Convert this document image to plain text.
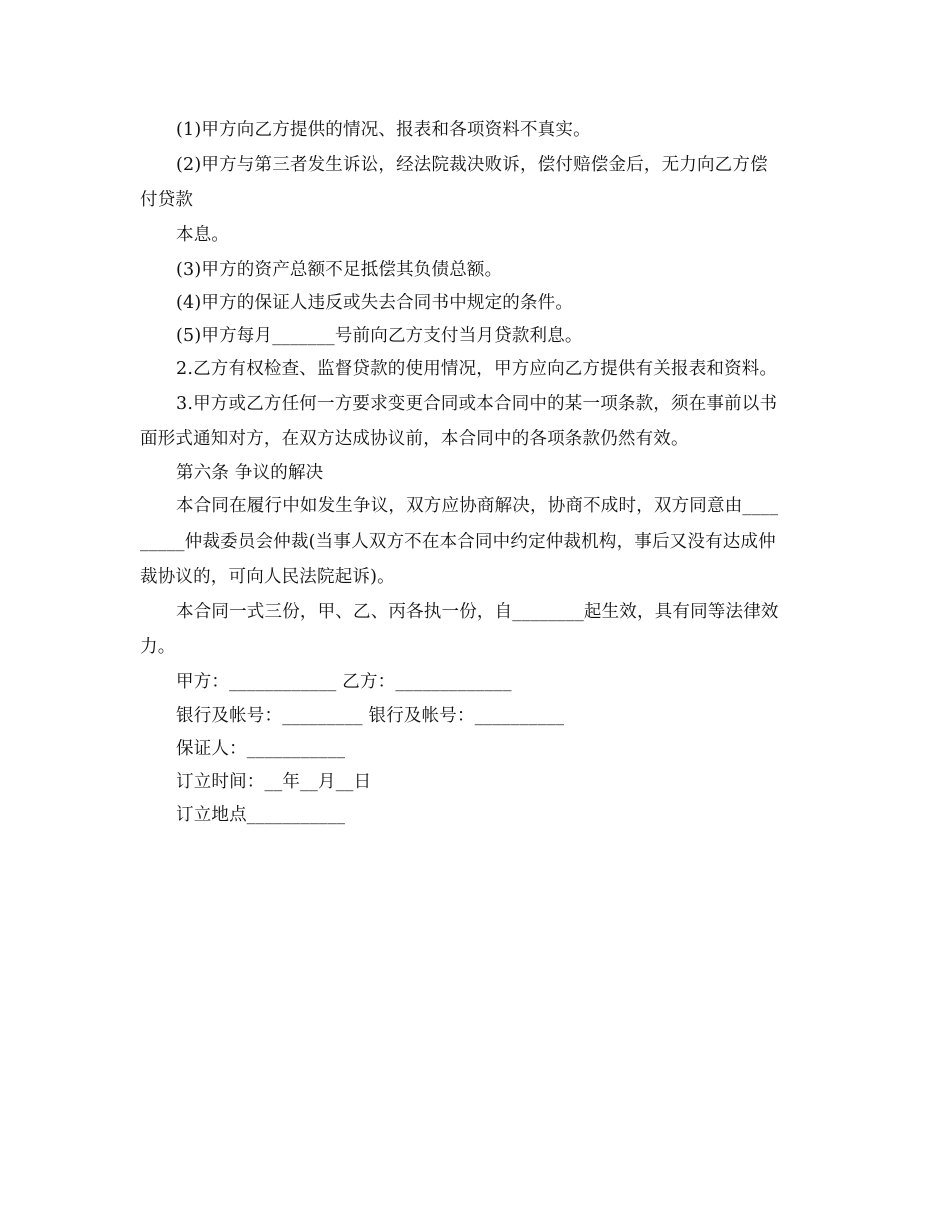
(1)甲方向乙方提供的情况、报表和各项资料不真实。
(2)甲方与第三者发生诉讼，经法院裁决败诉，偿付赔偿金后，无力向乙方偿
付贷款
本息。
(3)甲方的资产总额不足抵偿其负债总额。
(4)甲方的保证人违反或失去合同书中规定的条件。
(5)甲方每月_______号前向乙方支付当月贷款利息。
2.乙方有权检查、监督贷款的使用情况，甲方应向乙方提供有关报表和资料。
3.甲方或乙方任何一方要求变更合同或本合同中的某一项条款，须在事前以书
面形式通知对方，在双方达成协议前，本合同中的各项条款仍然有效。
第六条 争议的解决
本合同在履行中如发生争议，双方应协商解决，协商不成时，双方同意由____
_____仲裁委员会仲裁(当事人双方不在本合同中约定仲裁机构，事后又没有达成仲
裁协议的，可向人民法院起诉)。
本合同一式三份，甲、乙、丙各执一份，自________起生效，具有同等法律效
力。
甲方：____________ 乙方：_____________
银行及帐号：_________ 银行及帐号：__________
保证人：___________
订立时间：__年__月__日
订立地点___________
